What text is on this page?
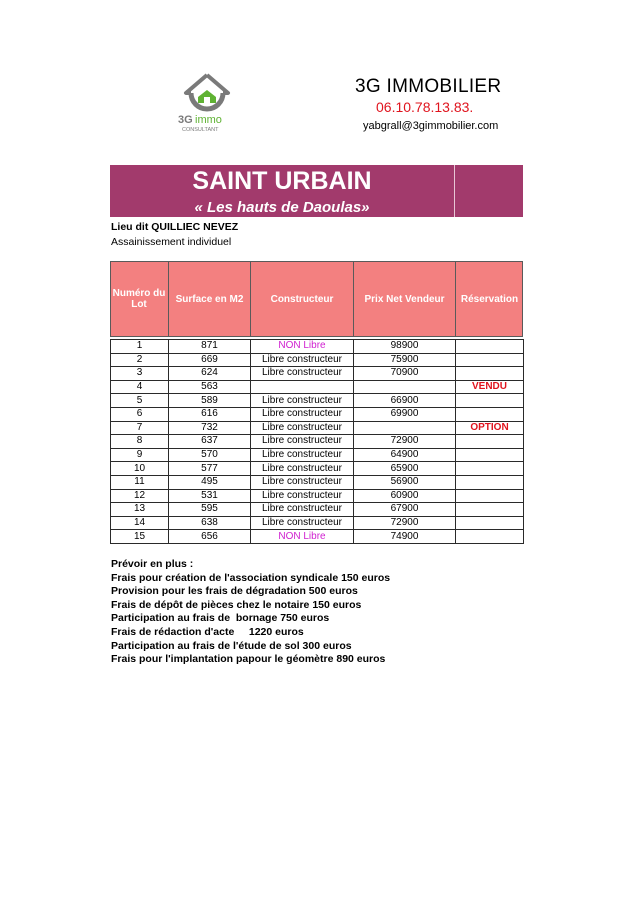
3G immo
CONSULTANT
3G IMMOBILIER
06.10.78.13.83.
yabgrall@3gimmobilier.com
SAINT URBAIN
« Les hauts de Daoulas»
Lieu dit QUILLIEC NEVEZ
Assainissement individuel
Numéro du Lot	Surface en M2	Constructeur	Prix Net Vendeur	Réservation
1	871	NON Libre	98900	
2	669	Libre constructeur	75900	
3	624	Libre constructeur	70900	
4	563			VENDU
5	589	Libre constructeur	66900	
6	616	Libre constructeur	69900	
7	732	Libre constructeur		OPTION
8	637	Libre constructeur	72900	
9	570	Libre constructeur	64900	
10	577	Libre constructeur	65900	
11	495	Libre constructeur	56900	
12	531	Libre constructeur	60900	
13	595	Libre constructeur	67900	
14	638	Libre constructeur	72900	
15	656	NON Libre	74900	
Prévoir en plus :
Frais pour création de l'association syndicale 150 euros
Provision pour les frais de dégradation 500 euros
Frais de dépôt de pièces chez le notaire 150 euros
Participation au frais de  bornage 750 euros
Frais de rédaction d'acte     1220 euros
Participation au frais de l'étude de sol 300 euros
Frais pour l'implantation papour le géomètre 890 euros
